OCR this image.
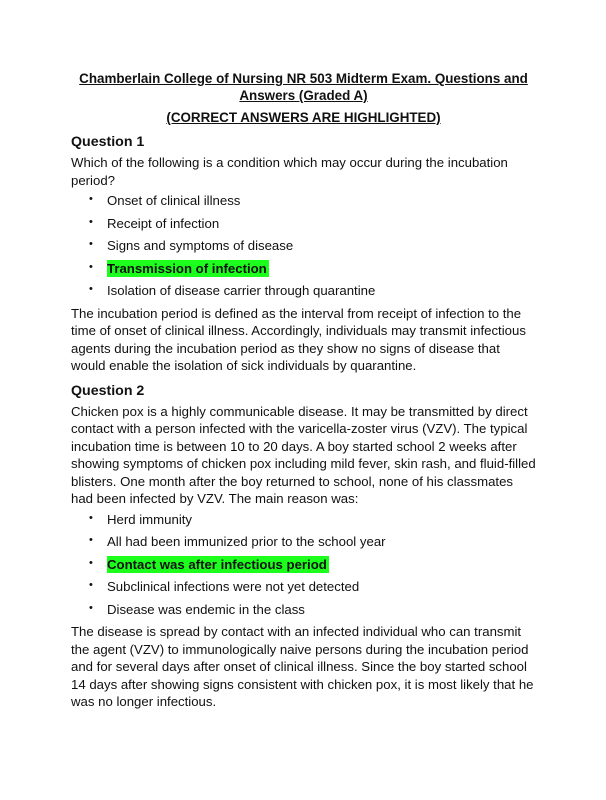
Chamberlain College of Nursing NR 503 Midterm Exam. Questions and Answers (Graded A)

(CORRECT ANSWERS ARE HIGHLIGHTED)

Question 1

Which of the following is a condition which may occur during the incubation period?

• Onset of clinical illness
• Receipt of infection
• Signs and symptoms of disease
• Transmission of infection
• Isolation of disease carrier through quarantine

The incubation period is defined as the interval from receipt of infection to the time of onset of clinical illness. Accordingly, individuals may transmit infectious agents during the incubation period as they show no signs of disease that would enable the isolation of sick individuals by quarantine.

Question 2

Chicken pox is a highly communicable disease. It may be transmitted by direct contact with a person infected with the varicella-zoster virus (VZV). The typical incubation time is between 10 to 20 days. A boy started school 2 weeks after showing symptoms of chicken pox including mild fever, skin rash, and fluid-filled blisters. One month after the boy returned to school, none of his classmates had been infected by VZV. The main reason was:

• Herd immunity
• All had been immunized prior to the school year
• Contact was after infectious period
• Subclinical infections were not yet detected
• Disease was endemic in the class

The disease is spread by contact with an infected individual who can transmit the agent (VZV) to immunologically naive persons during the incubation period and for several days after onset of clinical illness. Since the boy started school 14 days after showing signs consistent with chicken pox, it is most likely that he was no longer infectious.
